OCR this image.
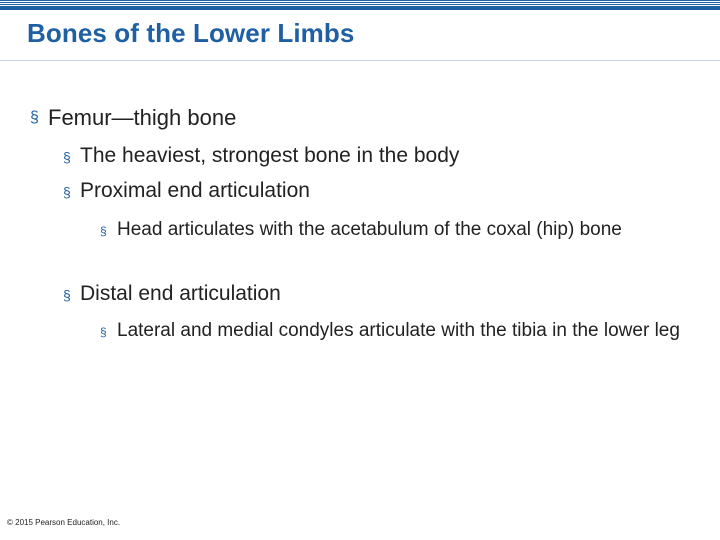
Bones of the Lower Limbs
§ Femur—thigh bone
§ The heaviest, strongest bone in the body
§ Proximal end articulation
§ Head articulates with the acetabulum of the coxal (hip) bone
§ Distal end articulation
§ Lateral and medial condyles articulate with the tibia in the lower leg
© 2015 Pearson Education, Inc.
